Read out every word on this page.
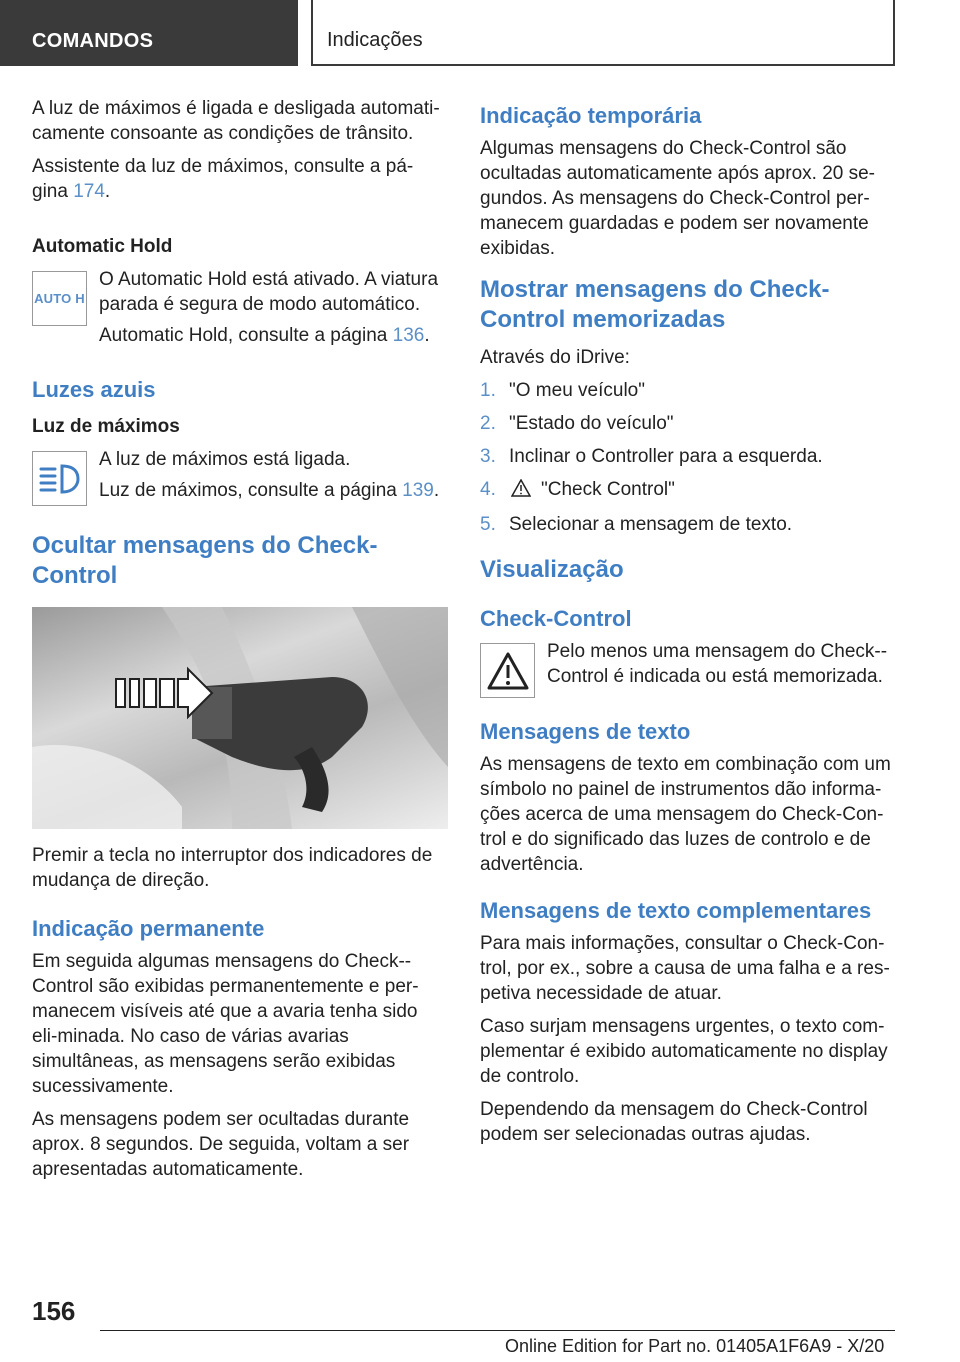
COMANDOS	Indicações

A luz de máximos é ligada e desligada automati-camente consoante as condições de trânsito.

Assistente da luz de máximos, consulte a pá-gina 174.

Automatic Hold
AUTO H

O Automatic Hold está ativado. A viatura parada é segura de modo automático.

Automatic Hold, consulte a página 136.

Luzes azuis
Luz de máximos

A luz de máximos está ligada.

Luz de máximos, consulte a página 139.

Ocultar mensagens do Check-Control

Premir a tecla no interruptor dos indicadores de mudança de direção.

Indicação permanente

Em seguida algumas mensagens do Check--Control são exibidas permanentemente e per-manecem visíveis até que a avaria tenha sido eli-minada. No caso de várias avarias simultâneas, as mensagens serão exibidas sucessivamente.

As mensagens podem ser ocultadas durante aprox. 8 segundos. De seguida, voltam a ser apresentadas automaticamente.

Indicação temporária

Algumas mensagens do Check-Control são ocultadas automaticamente após aprox. 20 se-gundos. As mensagens do Check-Control per-manecem guardadas e podem ser novamente exibidas.

Mostrar mensagens do Check-Control memorizadas

Através do iDrive:

1. "O meu veículo"
2. "Estado do veículo"
3. Inclinar o Controller para a esquerda.
4.	"Check Control"
5. Selecionar a mensagem de texto.
Visualização
Check-Control

Pelo menos uma mensagem do Check--Control é indicada ou está memorizada.

Mensagens de texto

As mensagens de texto em combinação com um símbolo no painel de instrumentos dão informa-ções acerca de uma mensagem do Check-Con-trol e do significado das luzes de controlo e de advertência.

Mensagens de texto complementares

Para mais informações, consultar o Check-Con-trol, por ex., sobre a causa de uma falha e a res-petiva necessidade de atuar.

Caso surjam mensagens urgentes, o texto com-plementar é exibido automaticamente no display de controlo.

Dependendo da mensagem do Check-Control podem ser selecionadas outras ajudas.

156
Online Edition for Part no. 01405A1F6A9 - X/20
